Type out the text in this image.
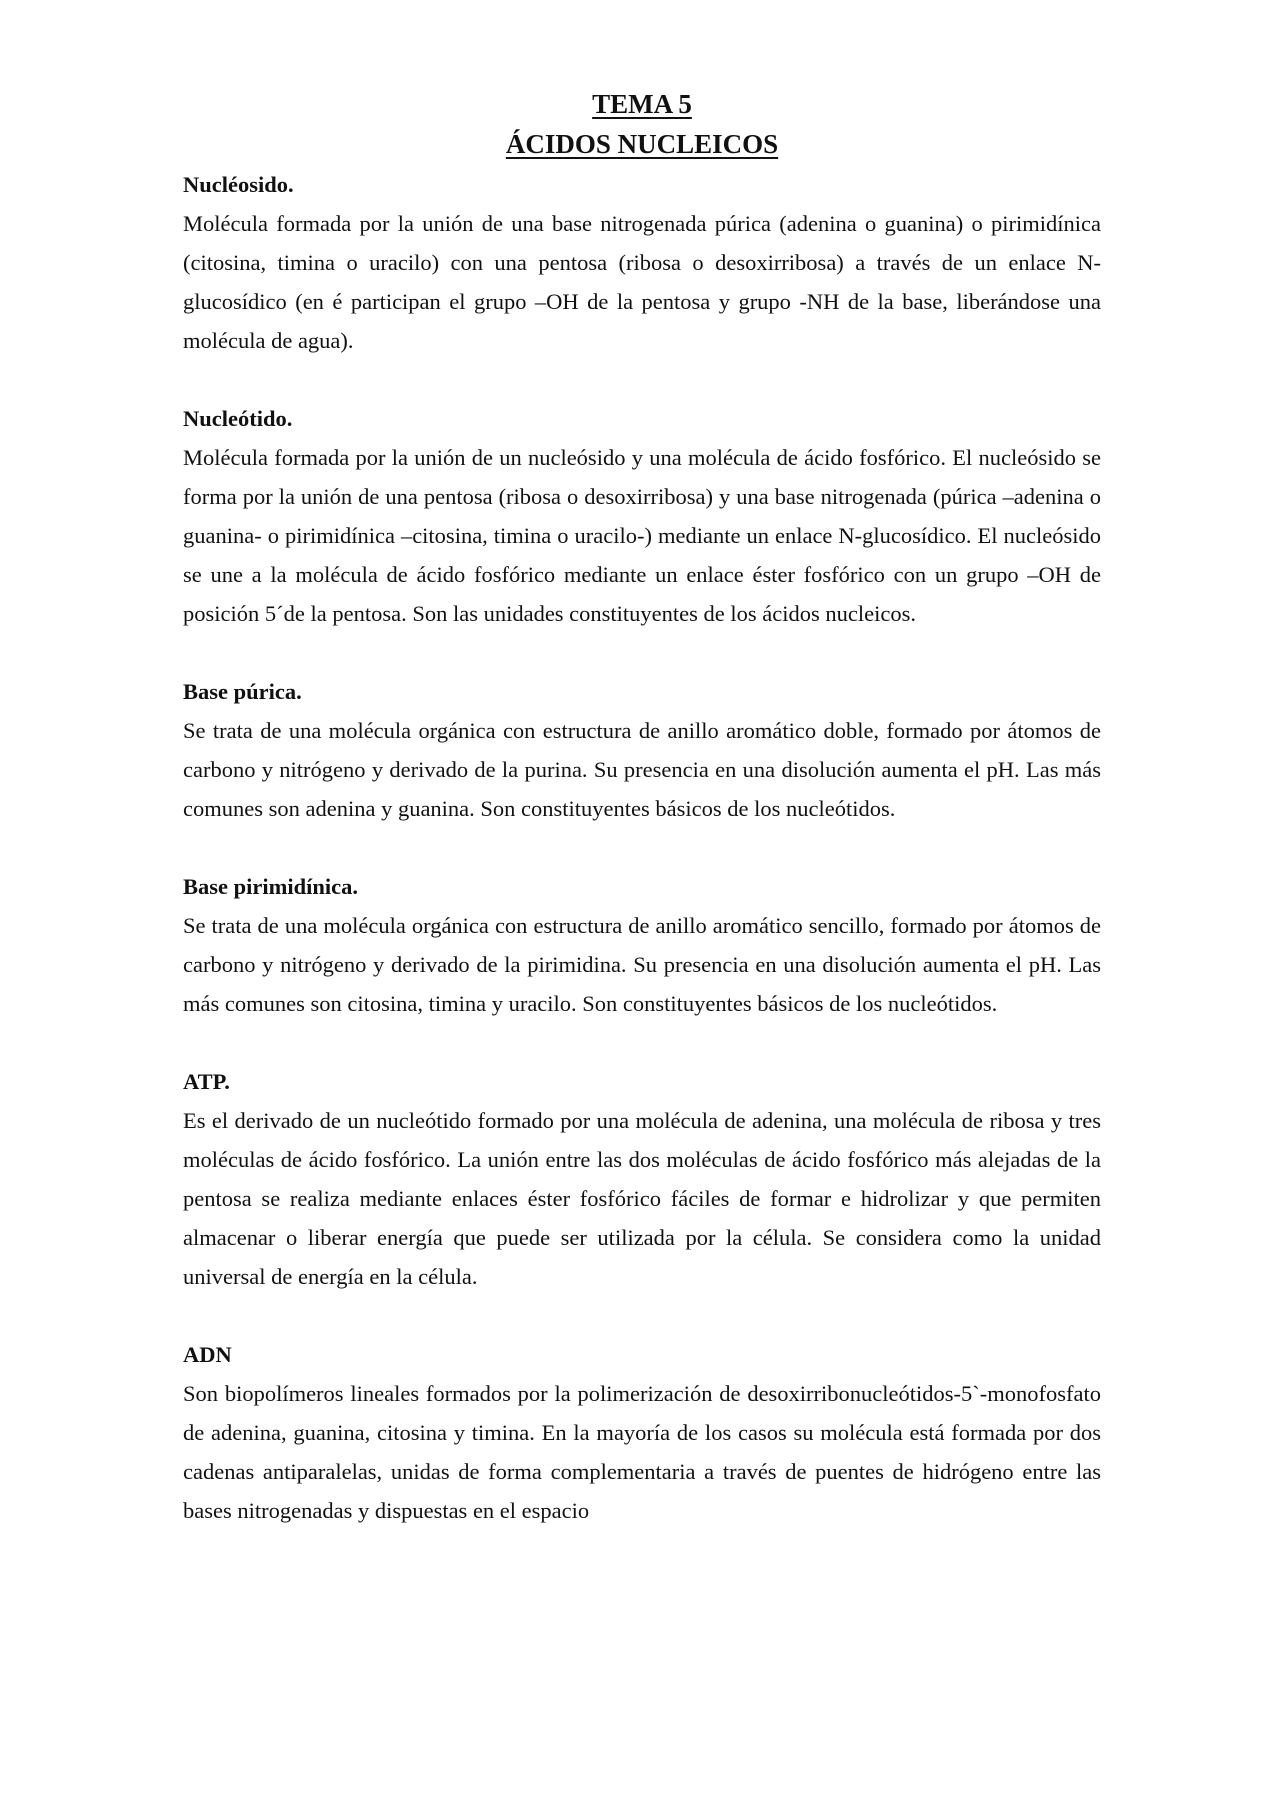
TEMA 5
ÁCIDOS NUCLEICOS

Nucléosido.

Molécula formada por la unión de una base nitrogenada púrica (adenina o guanina) o pirimidínica (citosina, timina o uracilo) con una pentosa (ribosa o desoxirribosa) a través de un enlace N-glucosídico (en é participan el grupo –OH de la pentosa y grupo -NH de la base, liberándose una molécula de agua).

Nucleótido.

Molécula formada por la unión de un nucleósido y una molécula de ácido fosfórico. El nucleósido se forma por la unión de una pentosa (ribosa o desoxirribosa) y una base nitrogenada (púrica –adenina o guanina- o pirimidínica –citosina, timina o uracilo-) mediante un enlace N-glucosídico. El nucleósido se une a la molécula de ácido fosfórico mediante un enlace éster fosfórico con un grupo –OH de posición 5´de la pentosa. Son las unidades constituyentes de los ácidos nucleicos.

Base púrica.

Se trata de una molécula orgánica con estructura de anillo aromático doble, formado por átomos de carbono y nitrógeno y derivado de la purina. Su presencia en una disolución aumenta el pH. Las más comunes son adenina y guanina. Son constituyentes básicos de los nucleótidos.

Base pirimidínica.

Se trata de una molécula orgánica con estructura de anillo aromático sencillo, formado por átomos de carbono y nitrógeno y derivado de la pirimidina. Su presencia en una disolución aumenta el pH. Las más comunes son citosina, timina y uracilo. Son constituyentes básicos de los nucleótidos.

ATP.

Es el derivado de un nucleótido formado por una molécula de adenina, una molécula de ribosa y tres moléculas de ácido fosfórico. La unión entre las dos moléculas de ácido fosfórico más alejadas de la pentosa se realiza mediante enlaces éster fosfórico fáciles de formar e hidrolizar y que permiten almacenar o liberar energía que puede ser utilizada por la célula. Se considera como la unidad universal de energía en la célula.

ADN

Son biopolímeros lineales formados por la polimerización de desoxirribonucleótidos-5`-monofosfato de adenina, guanina, citosina y timina. En la mayoría de los casos su molécula está formada por dos cadenas antiparalelas, unidas de forma complementaria a través de puentes de hidrógeno entre las bases nitrogenadas y dispuestas en el espacio
